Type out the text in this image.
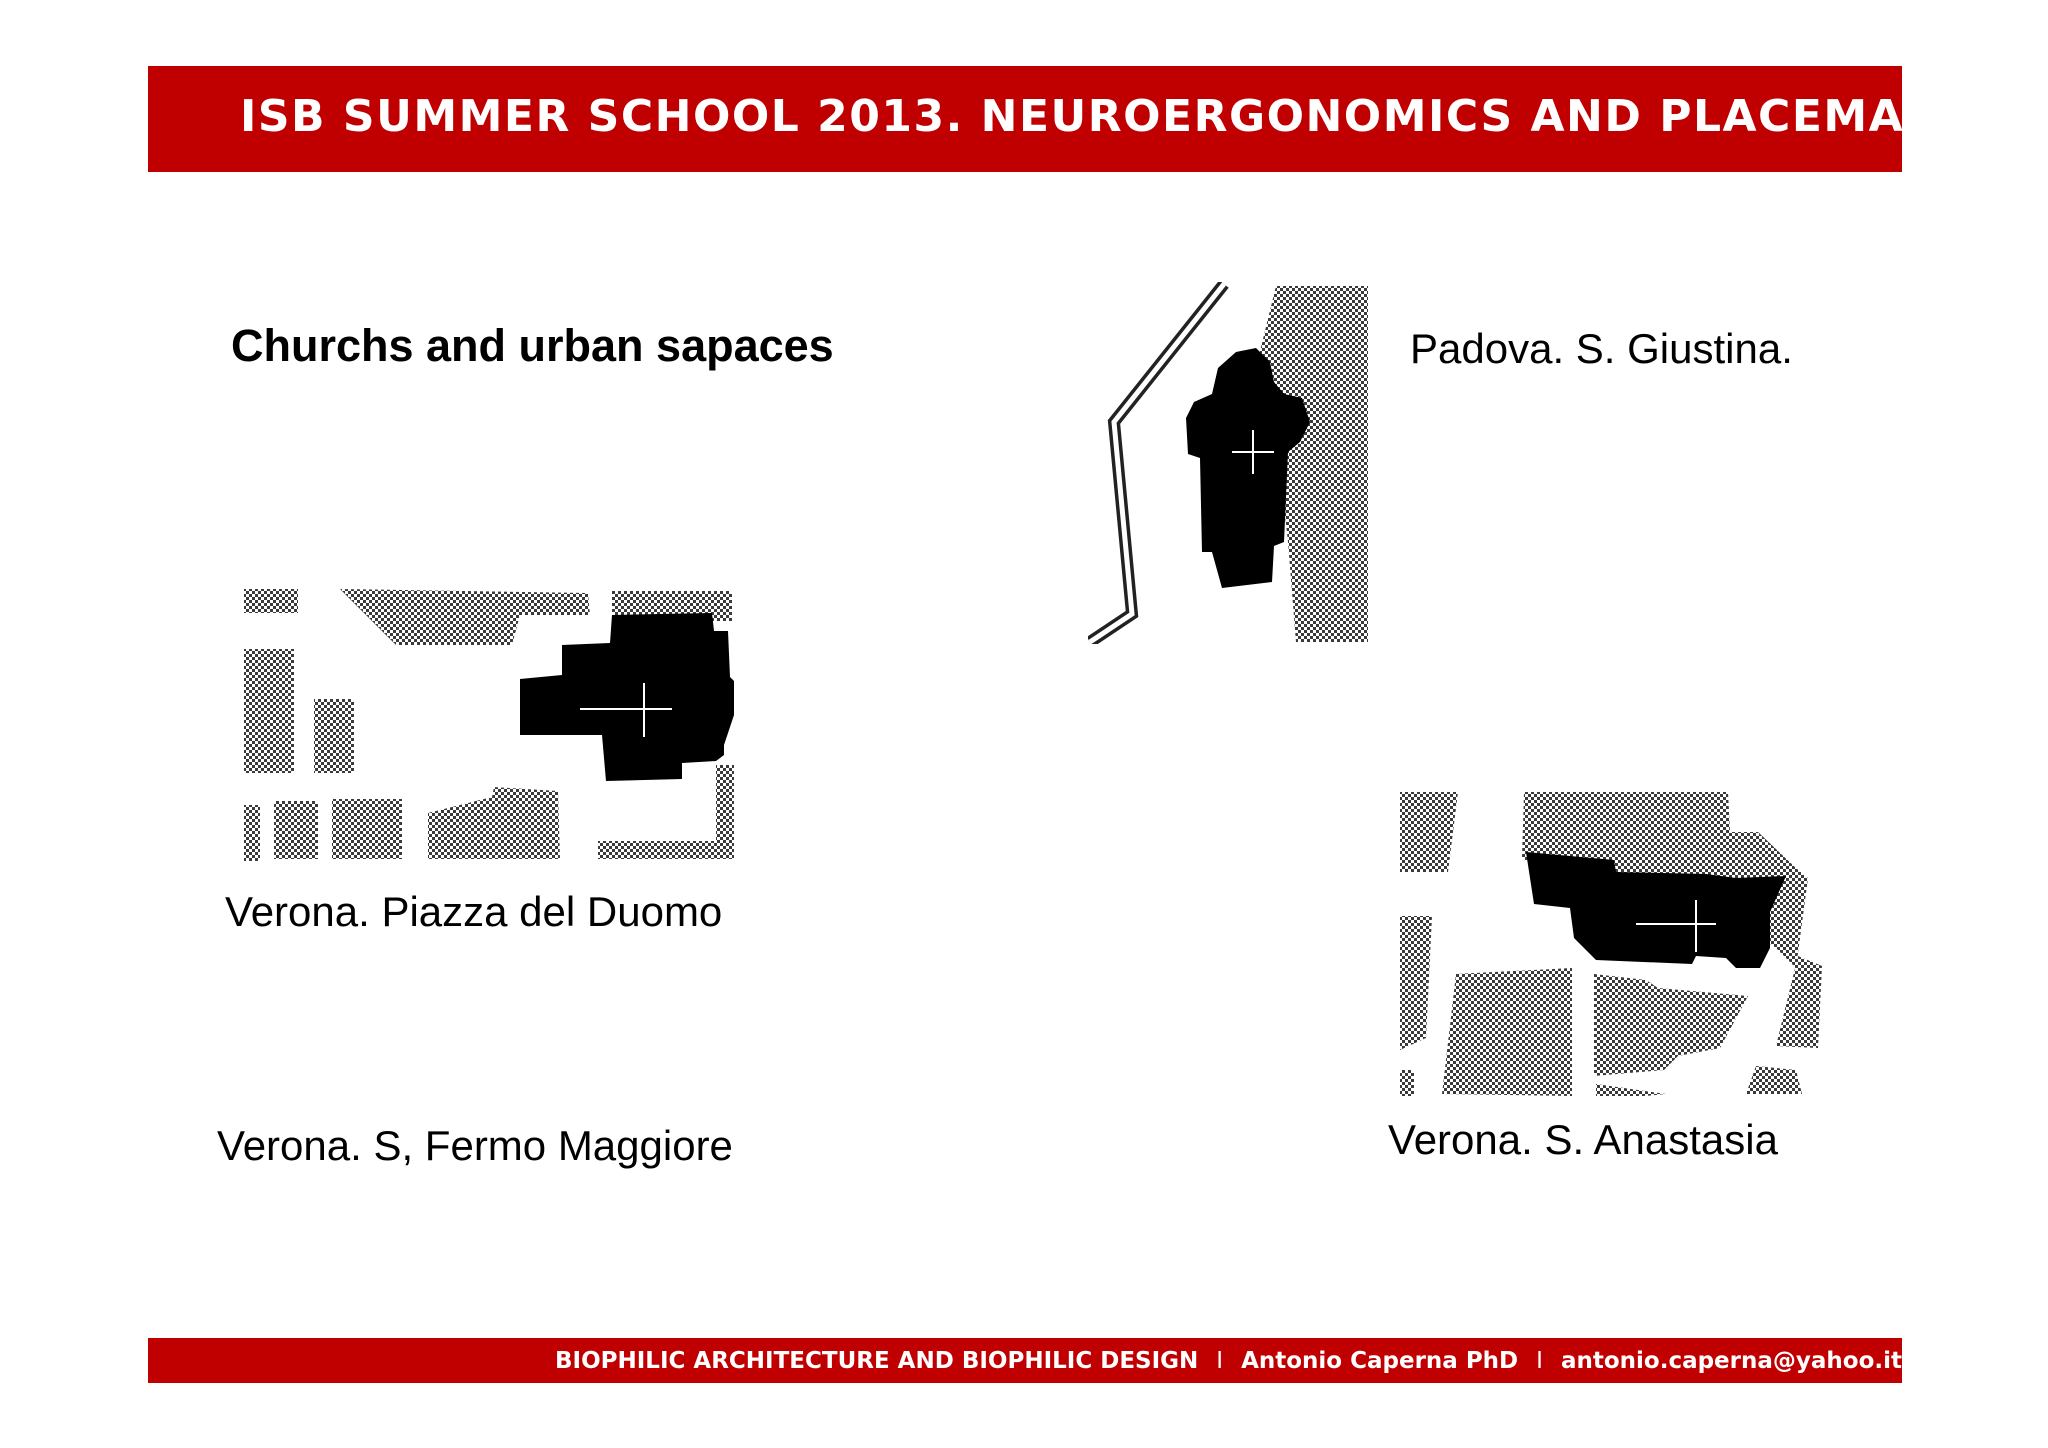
ISB SUMMER SCHOOL 2013. NEUROERGONOMICS AND PLACEMAKING
Churchs and urban sapaces	Padova. S. Giustina.
Verona. Piazza del Duomo
Verona. S, Fermo Maggiore	Verona. S. Anastasia
BIOPHILIC ARCHITECTURE AND BIOPHILIC DESIGN I Antonio Caperna PhD I antonio.caperna@yahoo.it
